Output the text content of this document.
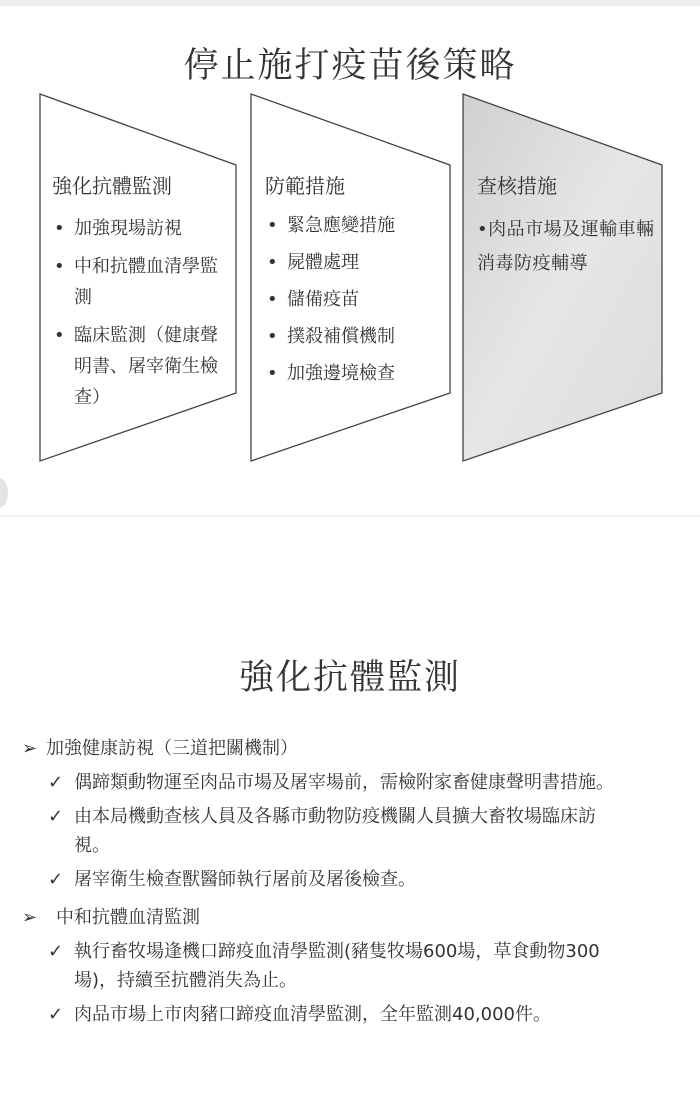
停止施打疫苗後策略
強化抗體監測
• 加強現場訪視
• 中和抗體血清學監測
• 臨床監測（健康聲明書、屠宰衛生檢查）
防範措施
• 緊急應變措施
• 屍體處理
• 儲備疫苗
• 撲殺補償機制
• 加強邊境檢查
查核措施
•肉品市場及運輸車輛消毒防疫輔導
強化抗體監測
➢ 加強健康訪視（三道把關機制）
✓ 偶蹄類動物運至肉品市場及屠宰場前，需檢附家畜健康聲明書措施。
✓ 由本局機動查核人員及各縣市動物防疫機關人員擴大畜牧場臨床訪視。
✓ 屠宰衛生檢查獸醫師執行屠前及屠後檢查。
➢	中和抗體血清監測
✓ 執行畜牧場逢機口蹄疫血清學監測(豬隻牧場600場，草食動物300場)，持續至抗體消失為止。
✓ 肉品市場上市肉豬口蹄疫血清學監測，全年監測40,000件。
